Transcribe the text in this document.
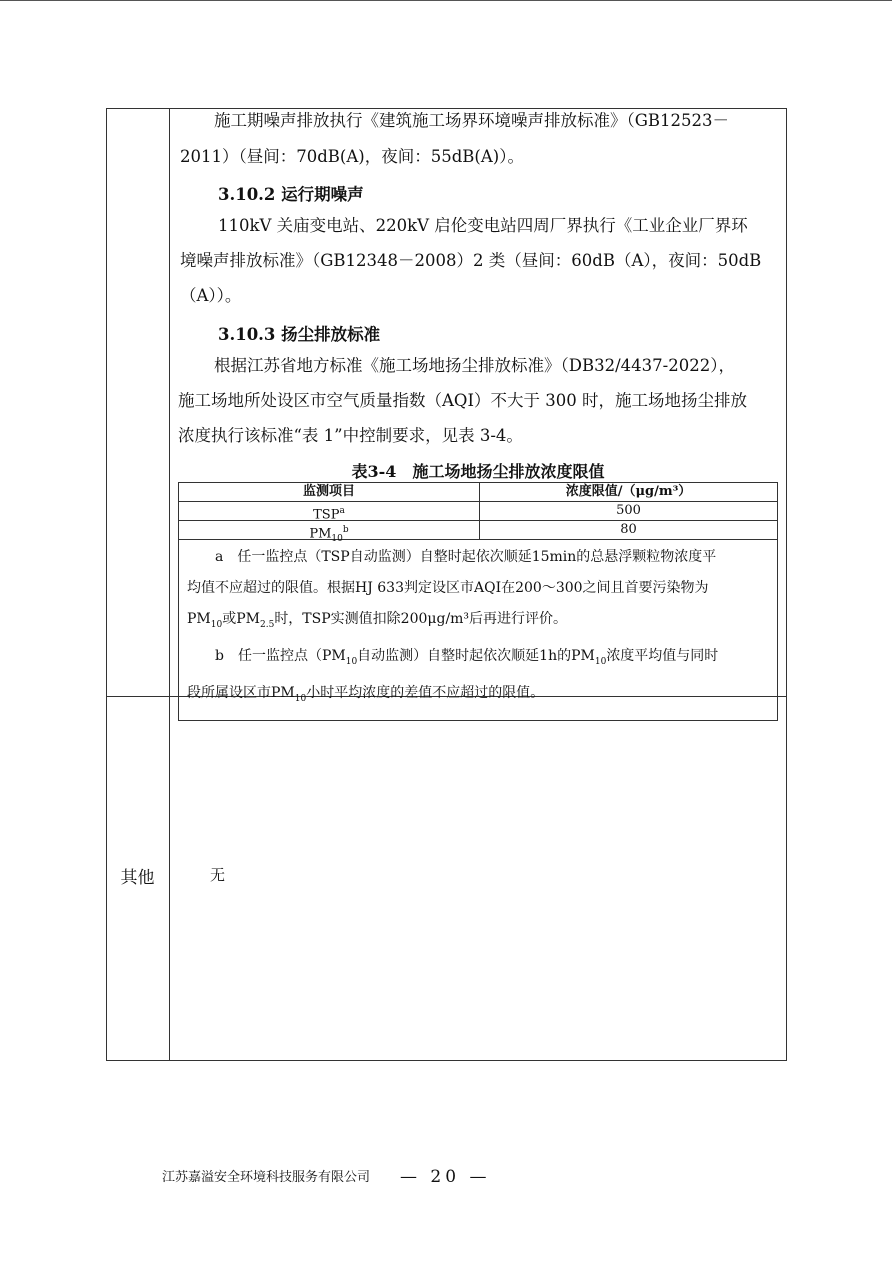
施工期噪声排放执行《建筑施工场界环境噪声排放标准》（GB12523－
2011）（昼间：70dB(A)，夜间：55dB(A)）。
3.10.2 运行期噪声
110kV 关庙变电站、220kV 启伦变电站四周厂界执行《工业企业厂界环
境噪声排放标准》（GB12348－2008）2 类（昼间：60dB（A），夜间：50dB
（A））。
3.10.3 扬尘排放标准
根据江苏省地方标准《施工场地扬尘排放标准》（DB32/4437-2022），
施工场地所处设区市空气质量指数（AQI）不大于 300 时，施工场地扬尘排放
浓度执行该标准“表 1”中控制要求，见表 3-4。
表3-4　施工场地扬尘排放浓度限值
监测项目	浓度限值/（μg/m³）
TSP$^a$	500
$PM_{10}^b$	80

a　任一监控点（TSP自动监测）自整时起依次顺延15min的总悬浮颗粒物浓度平

均值不应超过的限值。根据HJ 633判定设区市AQI在200～300之间且首要污染物为

$PM_{10}$或$PM_{2.5}$时，TSP实测值扣除200μg/m³后再进行评价。

b　任一监控点（$PM_{10}$自动监测）自整时起依次顺延1h的$PM_{10}$浓度平均值与同时

段所属设区市$PM_{10}$小时平均浓度的差值不应超过的限值。

其他	无
江苏嘉溢安全环境科技服务有限公司 — 20 —
